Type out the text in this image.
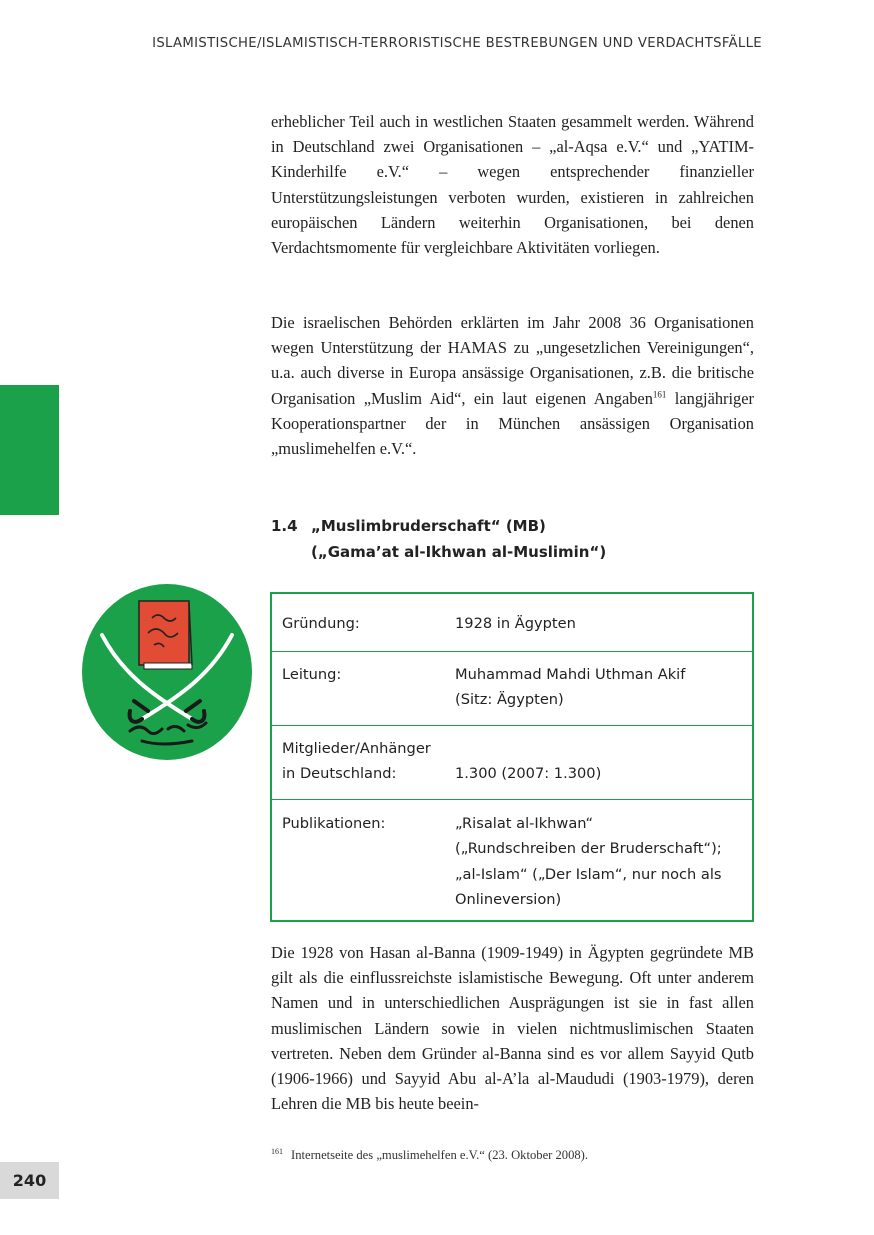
ISLAMISTISCHE/ISLAMISTISCH-TERRORISTISCHE BESTREBUNGEN UND VERDACHTSFÄLLE
erheblicher Teil auch in westlichen Staaten gesammelt werden. Während in Deutschland zwei Organisationen – „al-Aqsa e.V.“ und „YATIM-Kinderhilfe e.V.“ – wegen entsprechender finanzieller Unterstützungsleistungen verboten wurden, existieren in zahlreichen europäischen Ländern weiterhin Organisationen, bei denen Verdachtsmomente für vergleichbare Aktivitäten vorliegen.
Die israelischen Behörden erklärten im Jahr 2008 36 Organisationen wegen Unterstützung der HAMAS zu „ungesetzlichen Vereinigungen“, u.a. auch diverse in Europa ansässige Organisationen, z.B. die britische Organisation „Muslim Aid“, ein laut eigenen Angaben$^{161}$ langjähriger Kooperationspartner der in München ansässigen Organisation „muslimehelfen e.V.“.
1.4 „Muslimbruderschaft“ (MB)
(„Gama’at al-Ikhwan al-Muslimin“)
Gründung:	1928 in Ägypten
Leitung:	Muhammad Mahdi Uthman Akif
(Sitz: Ägypten)
Mitglieder/Anhänger
in Deutschland:	1.300 (2007: 1.300)
Publikationen:	„Risalat al-Ikhwan“
(„Rundschreiben der Bruderschaft“);
„al-Islam“ („Der Islam“, nur noch als
Onlineversion)
Die 1928 von Hasan al-Banna (1909-1949) in Ägypten gegründete MB gilt als die einflussreichste islamistische Bewegung. Oft unter anderem Namen und in unterschiedlichen Ausprägungen ist sie in fast allen muslimischen Ländern sowie in vielen nichtmuslimischen Staaten vertreten. Neben dem Gründer al-Banna sind es vor allem Sayyid Qutb (1906-1966) und Sayyid Abu al-A’la al-Maududi (1903-1979), deren Lehren die MB bis heute beein-
$^{161}$ Internetseite des „muslimehelfen e.V.“ (23. Oktober 2008).
240
